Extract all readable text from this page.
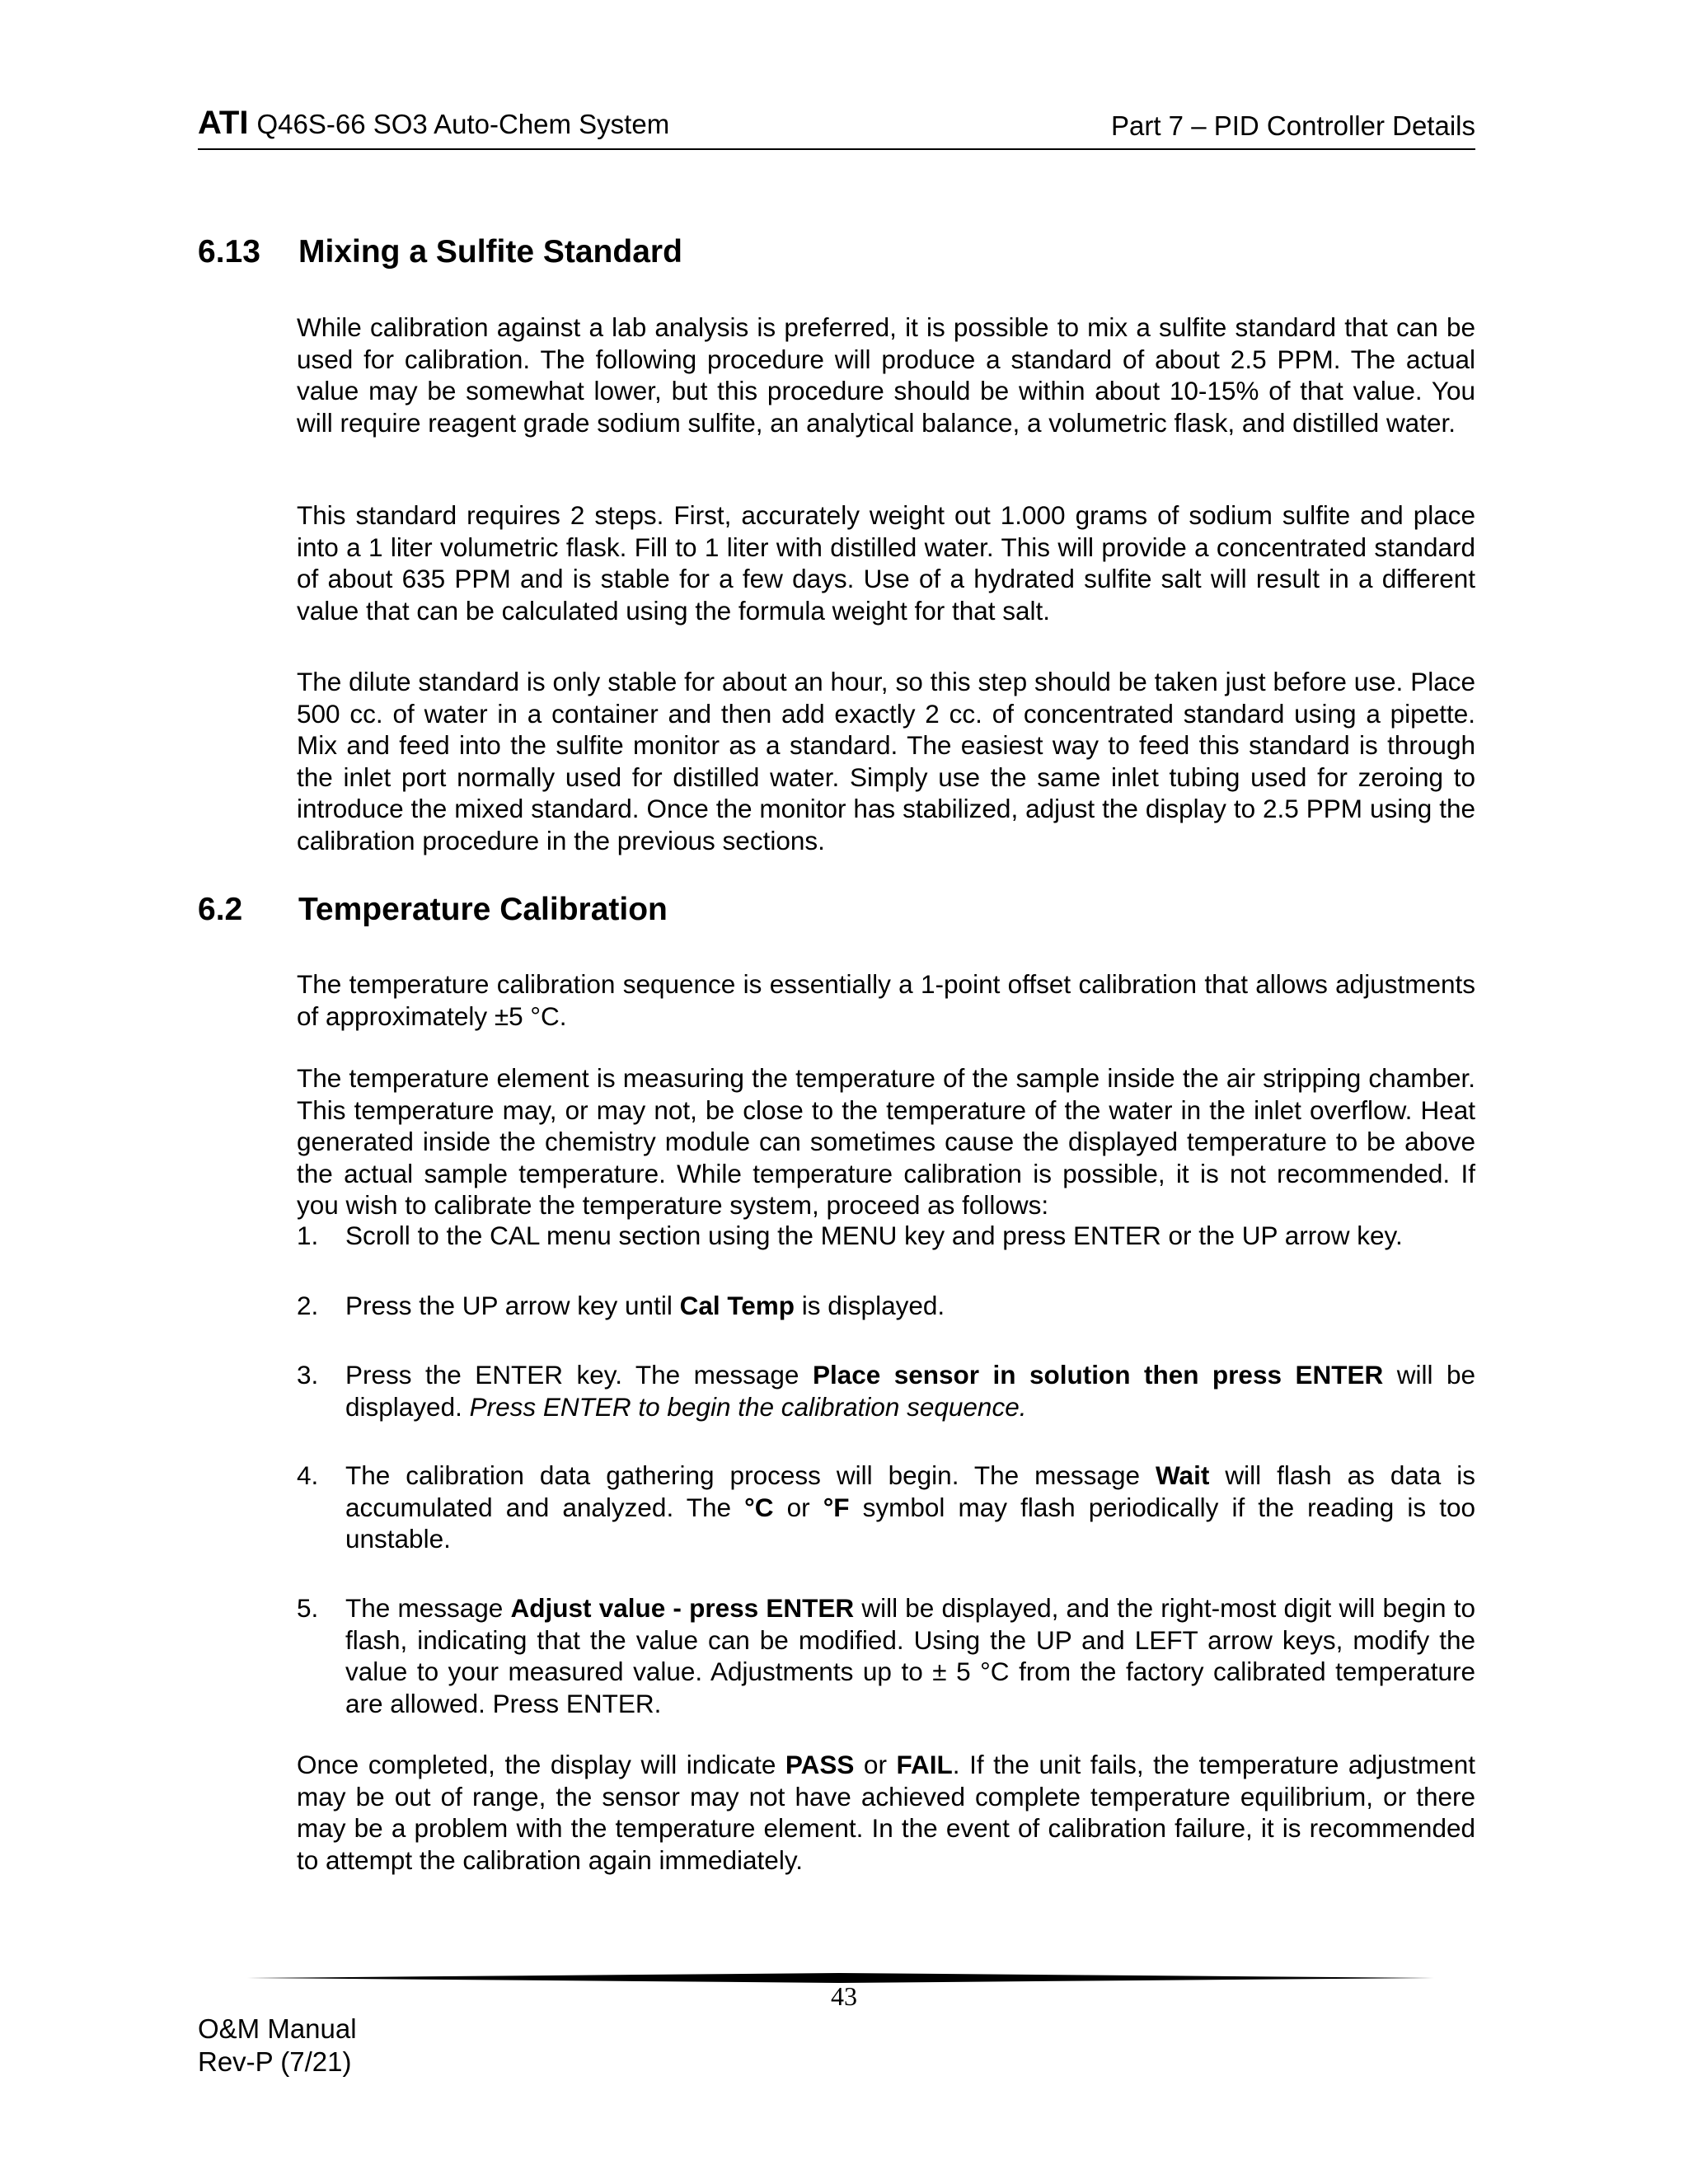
ATI Q46S-66 SO3 Auto-Chem System	Part 7 – PID Controller Details
6.13 Mixing a Sulfite Standard

While calibration against a lab analysis is preferred, it is possible to mix a sulfite standard that can be used for calibration. The following procedure will produce a standard of about 2.5 PPM. The actual value may be somewhat lower, but this procedure should be within about 10-15% of that value. You will require reagent grade sodium sulfite, an analytical balance, a volumetric flask, and distilled water.

This standard requires 2 steps. First, accurately weight out 1.000 grams of sodium sulfite and place into a 1 liter volumetric flask. Fill to 1 liter with distilled water. This will provide a concentrated standard of about 635 PPM and is stable for a few days. Use of a hydrated sulfite salt will result in a different value that can be calculated using the formula weight for that salt.

The dilute standard is only stable for about an hour, so this step should be taken just before use. Place 500 cc. of water in a container and then add exactly 2 cc. of concentrated standard using a pipette. Mix and feed into the sulfite monitor as a standard. The easiest way to feed this standard is through the inlet port normally used for distilled water. Simply use the same inlet tubing used for zeroing to introduce the mixed standard. Once the monitor has stabilized, adjust the display to 2.5 PPM using the calibration procedure in the previous sections.

6.2 Temperature Calibration

The temperature calibration sequence is essentially a 1-point offset calibration that allows adjustments of approximately ±5 °C.

The temperature element is measuring the temperature of the sample inside the air stripping chamber. This temperature may, or may not, be close to the temperature of the water in the inlet overflow. Heat generated inside the chemistry module can sometimes cause the displayed temperature to be above the actual sample temperature. While temperature calibration is possible, it is not recommended. If you wish to calibrate the temperature system, proceed as follows:

1. Scroll to the CAL menu section using the MENU key and press ENTER or the UP arrow key.
2. Press the UP arrow key until Cal Temp is displayed.
3. Press the ENTER key. The message Place sensor in solution then press ENTER will be displayed. Press ENTER to begin the calibration sequence.
4. The calibration data gathering process will begin. The message Wait will flash as data is accumulated and analyzed. The °C or °F symbol may flash periodically if the reading is too unstable.
5. The message Adjust value - press ENTER will be displayed, and the right-most digit will begin to flash, indicating that the value can be modified. Using the UP and LEFT arrow keys, modify the value to your measured value. Adjustments up to ± 5 °C from the factory calibrated temperature are allowed. Press ENTER.

Once completed, the display will indicate PASS or FAIL. If the unit fails, the temperature adjustment may be out of range, the sensor may not have achieved complete temperature equilibrium, or there may be a problem with the temperature element. In the event of calibration failure, it is recommended to attempt the calibration again immediately.

43
O&M Manual
Rev-P (7/21)
